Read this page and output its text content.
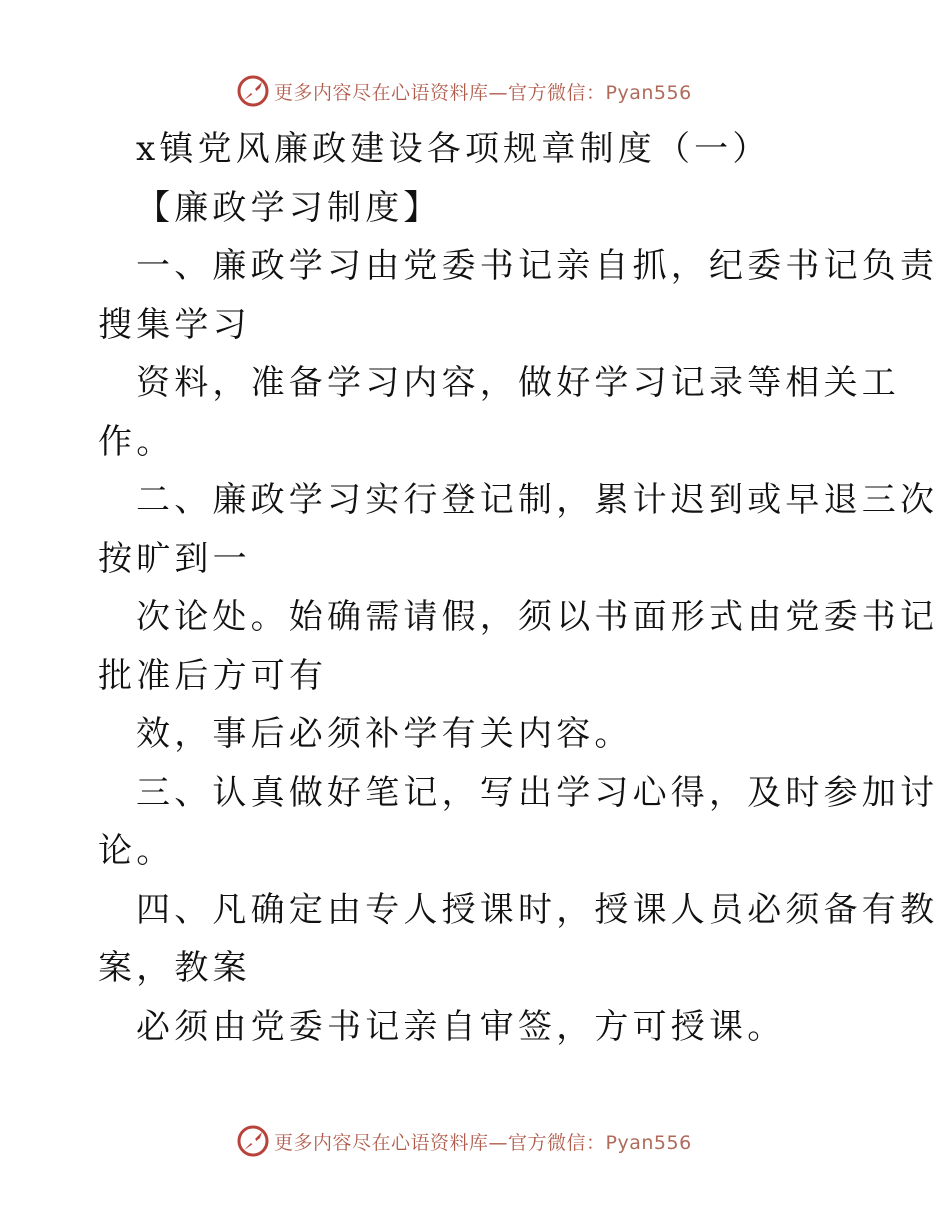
更多内容尽在心语资料库—官方微信：Pyan556
x镇党风廉政建设各项规章制度（一）
【廉政学习制度】
一、廉政学习由党委书记亲自抓，纪委书记负责
搜集学习
资料，准备学习内容，做好学习记录等相关工
作。
二、廉政学习实行登记制，累计迟到或早退三次
按旷到一
次论处。始确需请假，须以书面形式由党委书记
批准后方可有
效，事后必须补学有关内容。
三、认真做好笔记，写出学习心得，及时参加讨
论。
四、凡确定由专人授课时，授课人员必须备有教
案，教案
必须由党委书记亲自审签，方可授课。
更多内容尽在心语资料库—官方微信：Pyan556
